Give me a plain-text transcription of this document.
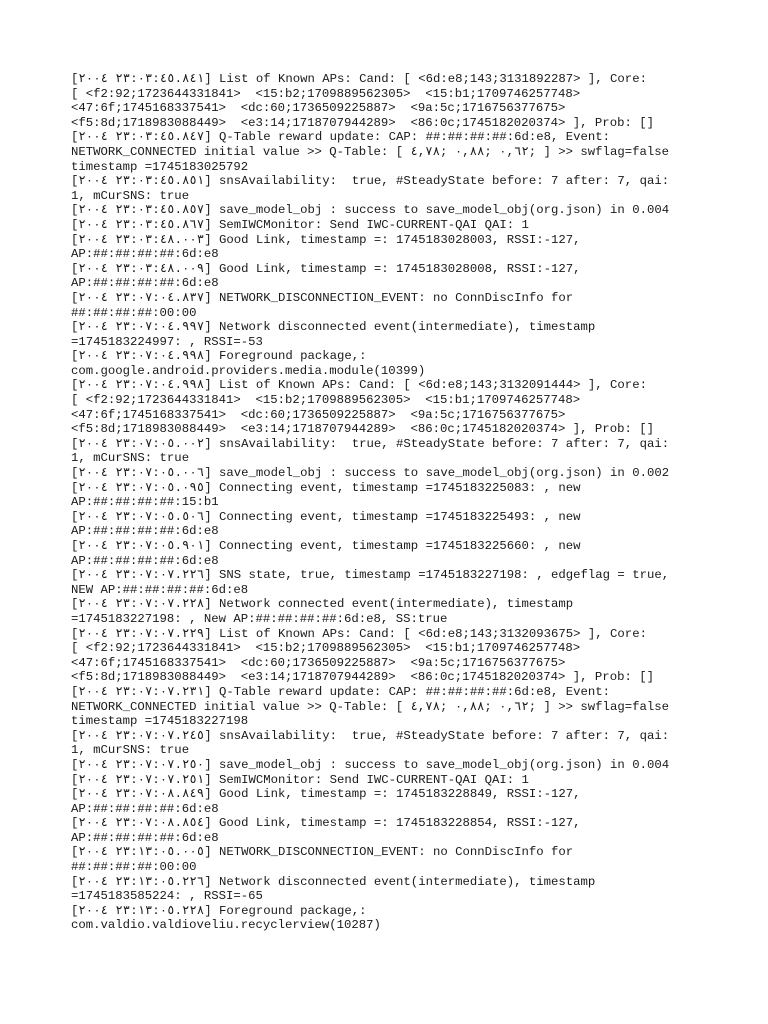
[٢٣:٠٣:٤٥.٨٤١ ٢٠٠٤] List of Known APs: Cand: [ <6d:e8;143;3131892287> ], Core:

[ <f2:92;1723644331841>  <15:b2;1709889562305>  <15:b1;1709746257748>

<47:6f;1745168337541>  <dc:60;1736509225887>  <9a:5c;1716756377675>

<f5:8d;1718983088449>  <e3:14;1718707944289>  <86:0c;1745182020374> ], Prob: []

[٢٣:٠٣:٤٥.٨٤٧ ٢٠٠٤] Q-Table reward update: CAP: ##:##:##:##:6d:e8, Event:

NETWORK_CONNECTED initial value >> Q-Table: [ ٠,٦٢ ;٠,٨٨ ;٤,٧٨; ] >> swflag=false

timestamp =1745183025792

[٢٣:٠٣:٤٥.٨٥١ ٢٠٠٤] snsAvailability:  true, #SteadyState before: 7 after: 7, qai:

1, mCurSNS: true

[٢٣:٠٣:٤٥.٨٥٧ ٢٠٠٤] save_model_obj : success to save_model_obj(org.json) in 0.004

[٢٣:٠٣:٤٥.٨٦٧ ٢٠٠٤] SemIWCMonitor: Send IWC-CURRENT-QAI QAI: 1

[٢٣:٠٣:٤٨.٠٠٣ ٢٠٠٤] Good Link, timestamp =: 1745183028003, RSSI:-127,

AP:##:##:##:##:6d:e8

[٢٣:٠٣:٤٨.٠٠٩ ٢٠٠٤] Good Link, timestamp =: 1745183028008, RSSI:-127,

AP:##:##:##:##:6d:e8

[٢٣:٠٧:٠٤.٨٣٧ ٢٠٠٤] NETWORK_DISCONNECTION_EVENT: no ConnDiscInfo for

##:##:##:##:00:00

[٢٣:٠٧:٠٤.٩٩٧ ٢٠٠٤] Network disconnected event(intermediate), timestamp

=1745183224997: , RSSI=-53

[٢٣:٠٧:٠٤.٩٩٨ ٢٠٠٤] Foreground package,:

com.google.android.providers.media.module(10399)

[٢٣:٠٧:٠٤.٩٩٨ ٢٠٠٤] List of Known APs: Cand: [ <6d:e8;143;3132091444> ], Core:

[ <f2:92;1723644331841>  <15:b2;1709889562305>  <15:b1;1709746257748>

<47:6f;1745168337541>  <dc:60;1736509225887>  <9a:5c;1716756377675>

<f5:8d;1718983088449>  <e3:14;1718707944289>  <86:0c;1745182020374> ], Prob: []

[٢٣:٠٧:٠٥.٠٠٢ ٢٠٠٤] snsAvailability:  true, #SteadyState before: 7 after: 7, qai:

1, mCurSNS: true

[٢٣:٠٧:٠٥.٠٠٦ ٢٠٠٤] save_model_obj : success to save_model_obj(org.json) in 0.002

[٢٣:٠٧:٠٥.٠٩٥ ٢٠٠٤] Connecting event, timestamp =1745183225083: , new

AP:##:##:##:##:15:b1

[٢٣:٠٧:٠٥.٥٠٦ ٢٠٠٤] Connecting event, timestamp =1745183225493: , new

AP:##:##:##:##:6d:e8

[٢٣:٠٧:٠٥.٩٠١ ٢٠٠٤] Connecting event, timestamp =1745183225660: , new

AP:##:##:##:##:6d:e8

[٢٣:٠٧:٠٧.٢٢٦ ٢٠٠٤] SNS state, true, timestamp =1745183227198: , edgeflag = true,

NEW AP:##:##:##:##:6d:e8

[٢٣:٠٧:٠٧.٢٢٨ ٢٠٠٤] Network connected event(intermediate), timestamp

=1745183227198: , New AP:##:##:##:##:6d:e8, SS:true

[٢٣:٠٧:٠٧.٢٢٩ ٢٠٠٤] List of Known APs: Cand: [ <6d:e8;143;3132093675> ], Core:

[ <f2:92;1723644331841>  <15:b2;1709889562305>  <15:b1;1709746257748>

<47:6f;1745168337541>  <dc:60;1736509225887>  <9a:5c;1716756377675>

<f5:8d;1718983088449>  <e3:14;1718707944289>  <86:0c;1745182020374> ], Prob: []

[٢٣:٠٧:٠٧.٢٣١ ٢٠٠٤] Q-Table reward update: CAP: ##:##:##:##:6d:e8, Event:

NETWORK_CONNECTED initial value >> Q-Table: [ ٠,٦٢ ;٠,٨٨ ;٤,٧٨; ] >> swflag=false

timestamp =1745183227198

[٢٣:٠٧:٠٧.٢٤٥ ٢٠٠٤] snsAvailability:  true, #SteadyState before: 7 after: 7, qai:

1, mCurSNS: true

[٢٣:٠٧:٠٧.٢٥٠ ٢٠٠٤] save_model_obj : success to save_model_obj(org.json) in 0.004

[٢٣:٠٧:٠٧.٢٥١ ٢٠٠٤] SemIWCMonitor: Send IWC-CURRENT-QAI QAI: 1

[٢٣:٠٧:٠٨.٨٤٩ ٢٠٠٤] Good Link, timestamp =: 1745183228849, RSSI:-127,

AP:##:##:##:##:6d:e8

[٢٣:٠٧:٠٨.٨٥٤ ٢٠٠٤] Good Link, timestamp =: 1745183228854, RSSI:-127,

AP:##:##:##:##:6d:e8

[٢٣:١٣:٠٥.٠٠٥ ٢٠٠٤] NETWORK_DISCONNECTION_EVENT: no ConnDiscInfo for

##:##:##:##:00:00

[٢٣:١٣:٠٥.٢٢٦ ٢٠٠٤] Network disconnected event(intermediate), timestamp

=1745183585224: , RSSI=-65

[٢٣:١٣:٠٥.٢٢٨ ٢٠٠٤] Foreground package,:

com.valdio.valdioveliu.recyclerview(10287)
